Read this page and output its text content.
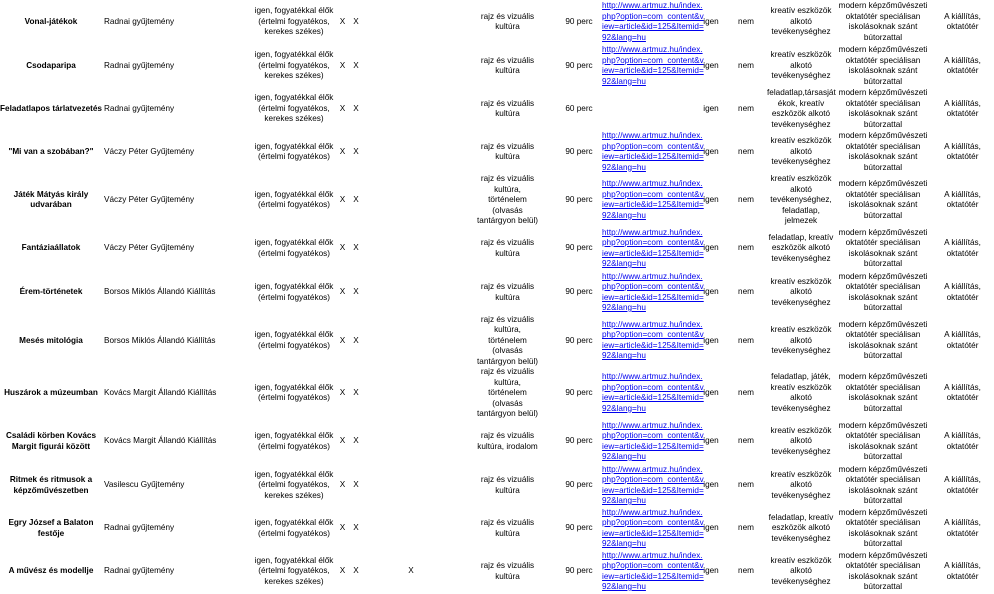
Vonal-játékok	Radnai gyűjtemény	igen, fogyatékkal élők
(értelmi fogyatékos,
kerekes székes)	X	X		rajz és vizuális
kultúra	90 perc	http://www.artmuz.hu/index.
php?option=com_content&v
iew=article&id=125&Itemid=
92&lang=hu	igen	nem	kreatív eszközök
alkotó
tevékenységhez	modern képzőművészeti
oktatótér speciálisan
iskolásoknak szánt
bútorzattal	A kiállítás,
oktatótér

Csodaparipa	Radnai gyűjtemény	igen, fogyatékkal élők
(értelmi fogyatékos,
kerekes székes)	X	X		rajz és vizuális
kultúra	90 perc	http://www.artmuz.hu/index.
php?option=com_content&v
iew=article&id=125&Itemid=
92&lang=hu	igen	nem	kreatív eszközök
alkotó
tevékenységhez	modern képzőművészeti
oktatótér speciálisan
iskolásoknak szánt
bútorzattal	A kiállítás,
oktatótér

Feladatlapos tárlatvezetés	Radnai gyűjtemény	igen, fogyatékkal élők
(értelmi fogyatékos,
kerekes székes)	X	X		rajz és vizuális
kultúra	60 perc		igen	nem	feladatlap,társasját
ékok, kreatív
eszközök alkotó
tevékenységhez	modern képzőművészeti
oktatótér speciálisan
iskolásoknak szánt
bútorzattal	A kiállítás,
oktatótér

"Mi van a szobában?"	Váczy Péter Gyűjtemény	igen, fogyatékkal élők
(értelmi fogyatékos)	X	X		rajz és vizuális
kultúra	90 perc	http://www.artmuz.hu/index.
php?option=com_content&v
iew=article&id=125&Itemid=
92&lang=hu	igen	nem	kreatív eszközök
alkotó
tevékenységhez	modern képzőművészeti
oktatótér speciálisan
iskolásoknak szánt
bútorzattal	A kiállítás,
oktatótér

Játék Mátyás király udvarában	Váczy Péter Gyűjtemény	igen, fogyatékkal élők
(értelmi fogyatékos)	X	X		rajz és vizuális
kultúra,
történelem
(olvasás
tantárgyon belül)	90 perc	http://www.artmuz.hu/index.
php?option=com_content&v
iew=article&id=125&Itemid=
92&lang=hu	igen	nem	kreatív eszközök
alkotó
tevékenységhez,
feladatlap,
jelmezek	modern képzőművészeti
oktatótér speciálisan
iskolásoknak szánt
bútorzattal	A kiállítás,
oktatótér

Fantáziaállatok	Váczy Péter Gyűjtemény	igen, fogyatékkal élők
(értelmi fogyatékos)	X	X		rajz és vizuális
kultúra	90 perc	http://www.artmuz.hu/index.
php?option=com_content&v
iew=article&id=125&Itemid=
92&lang=hu	igen	nem	feladatlap, kreatív
eszközök alkotó
tevékenységhez	modern képzőművészeti
oktatótér speciálisan
iskolásoknak szánt
bútorzattal	A kiállítás,
oktatótér

Érem-történetek	Borsos Miklós Állandó Kiállítás	igen, fogyatékkal élők
(értelmi fogyatékos)	X	X		rajz és vizuális
kultúra	90 perc	http://www.artmuz.hu/index.
php?option=com_content&v
iew=article&id=125&Itemid=
92&lang=hu	igen	nem	kreatív eszközök
alkotó
tevékenységhez	modern képzőművészeti
oktatótér speciálisan
iskolásoknak szánt
bútorzattal	A kiállítás,
oktatótér

Mesés mitológia	Borsos Miklós Állandó Kiállítás	igen, fogyatékkal élők
(értelmi fogyatékos)	X	X		rajz és vizuális
kultúra,
történelem
(olvasás
tantárgyon belül)	90 perc	http://www.artmuz.hu/index.
php?option=com_content&v
iew=article&id=125&Itemid=
92&lang=hu	igen	nem	kreatív eszközök
alkotó
tevékenységhez	modern képzőművészeti
oktatótér speciálisan
iskolásoknak szánt
bútorzattal	A kiállítás,
oktatótér

Huszárok a múzeumban	Kovács Margit Állandó Kiállítás	igen, fogyatékkal élők
(értelmi fogyatékos)	X	X		rajz és vizuális
kultúra,
történelem
(olvasás
tantárgyon belül)	90 perc	http://www.artmuz.hu/index.
php?option=com_content&v
iew=article&id=125&Itemid=
92&lang=hu	igen	nem	feladatlap, játék,
kreatív eszközök
alkotó
tevékenységhez	modern képzőművészeti
oktatótér speciálisan
iskolásoknak szánt
bútorzattal	A kiállítás,
oktatótér

Családi körben Kovács Margit figurái között	Kovács Margit Állandó Kiállítás	igen, fogyatékkal élők
(értelmi fogyatékos)	X	X		rajz és vizuális
kultúra, irodalom	90 perc	http://www.artmuz.hu/index.
php?option=com_content&v
iew=article&id=125&Itemid=
92&lang=hu	igen	nem	kreatív eszközök
alkotó
tevékenységhez	modern képzőművészeti
oktatótér speciálisan
iskolásoknak szánt
bútorzattal	A kiállítás,
oktatótér

Ritmek és ritmusok a képzőművészetben	Vasilescu Gyűjtemény	igen, fogyatékkal élők
(értelmi fogyatékos,
kerekes székes)	X	X		rajz és vizuális
kultúra	90 perc	http://www.artmuz.hu/index.
php?option=com_content&v
iew=article&id=125&Itemid=
92&lang=hu	igen	nem	kreatív eszközök
alkotó
tevékenységhez	modern képzőművészeti
oktatótér speciálisan
iskolásoknak szánt
bútorzattal	A kiállítás,
oktatótér

Egry József a Balaton festője	Radnai gyűjtemény	igen, fogyatékkal élők
(értelmi fogyatékos)	X	X		rajz és vizuális
kultúra	90 perc	http://www.artmuz.hu/index.
php?option=com_content&v
iew=article&id=125&Itemid=
92&lang=hu	igen	nem	feladatlap, kreatív
eszközök alkotó
tevékenységhez	modern képzőművészeti
oktatótér speciálisan
iskolásoknak szánt
bútorzattal	A kiállítás,
oktatótér

A művész és modellje	Radnai gyűjtemény	igen, fogyatékkal élők
(értelmi fogyatékos,
kerekes székes)	X	X	X	rajz és vizuális
kultúra	90 perc	http://www.artmuz.hu/index.
php?option=com_content&v
iew=article&id=125&Itemid=
92&lang=hu	igen	nem	kreatív eszközök
alkotó
tevékenységhez	modern képzőművészeti
oktatótér speciálisan
iskolásoknak szánt
bútorzattal	A kiállítás,
oktatótér
